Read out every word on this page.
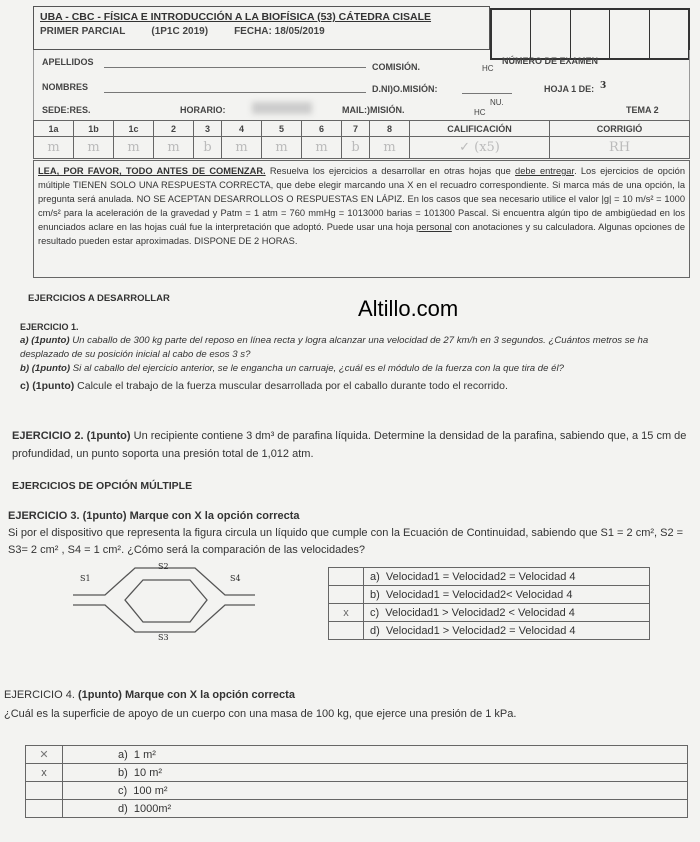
UBA - CBC - FÍSICA E INTRODUCCIÓN A LA BIOFÍSICA (53) CÁTEDRA CISALE
PRIMER PARCIAL	(1P1C 2019)	FECHA: 18/05/2019
APELLIDOS	COMISIÓN.	HC
NÚMERO DE EXAMEN
NOMBRES	D.NI)O.MISIÓN:	HOJA 1 DE: 3
SEDE:RES.	HORARIO:	MAIL:)MISIÓN.	HC
NU.
TEMA 2
1a	1b	1c	2	3	4	5	6	7	8	CALIFICACIÓN	CORRIGIÓ
m	m	m	m	b	m	m	m	b	m	✓ (x5)	RH
LEA, POR FAVOR, TODO ANTES DE COMENZAR. Resuelva los ejercicios a desarrollar en otras hojas que debe entregar. Los ejercicios de opción múltiple TIENEN SOLO UNA RESPUESTA CORRECTA, que debe elegir marcando una X en el recuadro correspondiente. Si marca más de una opción, la pregunta será anulada. NO SE ACEPTAN DESARROLLOS O RESPUESTAS EN LÁPIZ. En los casos que sea necesario utilice el valor |g| = 10 m/s² = 1000 cm/s² para la aceleración de la gravedad y Patm = 1 atm = 760 mmHg = 1013000 barias = 101300 Pascal. Si encuentra algún tipo de ambigüedad en los enunciados aclare en las hojas cuál fue la interpretación que adoptó. Puede usar una hoja personal con anotaciones y su calculadora. Algunas opciones de resultado pueden estar aproximadas. DISPONE DE 2 HORAS.
EJERCICIOS A DESARROLLAR	Altillo.com
EJERCICIO 1.
a) (1punto) Un caballo de 300 kg parte del reposo en línea recta y logra alcanzar una velocidad de 27 km/h en 3 segundos. ¿Cuántos metros se ha desplazado de su posición inicial al cabo de esos 3 s?
b) (1punto) Si al caballo del ejercicio anterior, se le engancha un carruaje, ¿cuál es el módulo de la fuerza con la que tira de él?
c) (1punto) Calcule el trabajo de la fuerza muscular desarrollada por el caballo durante todo el recorrido.
EJERCICIO 2. (1punto) Un recipiente contiene 3 dm³ de parafina líquida. Determine la densidad de la parafina, sabiendo que, a 15 cm de profundidad, un punto soporta una presión total de 1,012 atm.
EJERCICIOS DE OPCIÓN MÚLTIPLE
EJERCICIO 3. (1punto) Marque con X la opción correcta
Si por el dispositivo que representa la figura circula un líquido que cumple con la Ecuación de Continuidad, sabiendo que S1 = 2 cm², S2 = S3= 2 cm² , S4 = 1 cm². ¿Cómo será la comparación de las velocidades?
S1
S2
S3
S4
		a) Velocidad1 = Velocidad2 = Velocidad 4
	b) Velocidad1 = Velocidad2< Velocidad 4
x	c) Velocidad1 > Velocidad2 < Velocidad 4
	d) Velocidad1 > Velocidad2 = Velocidad 4
EJERCICIO 4. (1punto) Marque con X la opción correcta
¿Cuál es la superficie de apoyo de un cuerpo con una masa de 100 kg, que ejerce una presión de 1 kPa.
✕	a) 1 m²
x	b) 10 m²
	c) 100 m²
	d) 1000m²
